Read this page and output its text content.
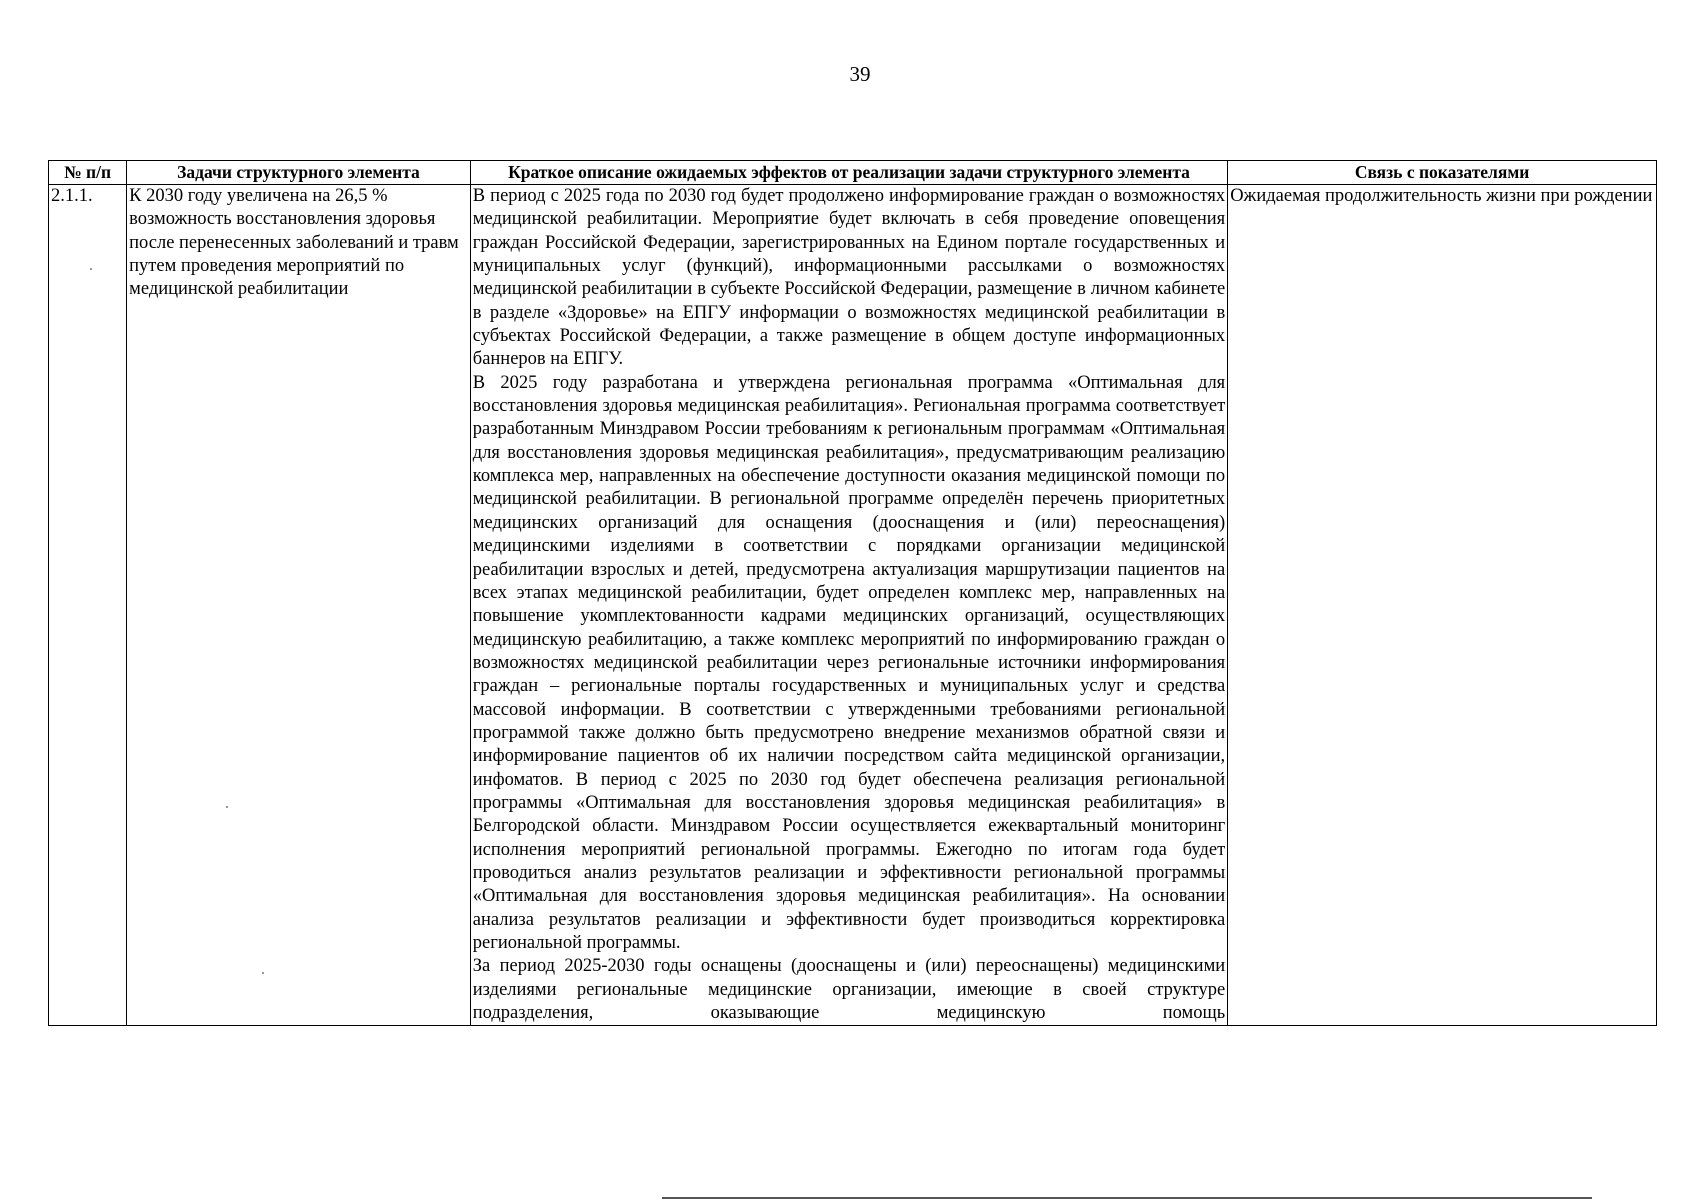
39
№ п/п	Задачи структурного элемента	Краткое описание ожидаемых эффектов от реализации задачи структурного элемента	Связь с показателями
2.1.1.	К 2030 году увеличена на 26,5 % возможность восстановления здоровья после перенесенных заболеваний и травм путем проведения мероприятий по медицинской реабилитации	В период с 2025 года по 2030 год будет продолжено информирование граждан о возможностях медицинской реабилитации. Мероприятие будет включать в себя проведение оповещения граждан Российской Федерации, зарегистрированных на Едином портале государственных и муниципальных услуг (функций), информационными рассылками о возможностях медицинской реабилитации в субъекте Российской Федерации, размещение в личном кабинете в разделе «Здоровье» на ЕПГУ информации о возможностях медицинской реабилитации в субъектах Российской Федерации, а также размещение в общем доступе информационных баннеров на ЕПГУ.

В 2025 году разработана и утверждена региональная программа «Оптимальная для восстановления здоровья медицинская реабилитация». Региональная программа соответствует разработанным Минздравом России требованиям к региональным программам «Оптимальная для восстановления здоровья медицинская реабилитация», предусматривающим реализацию комплекса мер, направленных на обеспечение доступности оказания медицинской помощи по медицинской реабилитации. В региональной программе определён перечень приоритетных медицинских организаций для оснащения (дооснащения и (или) переоснащения) медицинскими изделиями в соответствии с порядками организации медицинской реабилитации взрослых и детей, предусмотрена актуализация маршрутизации пациентов на всех этапах медицинской реабилитации, будет определен комплекс мер, направленных на повышение укомплектованности кадрами медицинских организаций, осуществляющих медицинскую реабилитацию, а также комплекс мероприятий по информированию граждан о возможностях медицинской реабилитации через региональные источники информирования граждан – региональные порталы государственных и муниципальных услуг и средства массовой информации. В соответствии с утвержденными требованиями региональной программой также должно быть предусмотрено внедрение механизмов обратной связи и информирование пациентов об их наличии посредством сайта медицинской организации, инфоматов. В период с 2025 по 2030 год будет обеспечена реализация региональной программы «Оптимальная для восстановления здоровья медицинская реабилитация» в Белгородской области. Минздравом России осуществляется ежеквартальный мониторинг исполнения мероприятий региональной программы. Ежегодно по итогам года будет проводиться анализ результатов реализации и эффективности региональной программы «Оптимальная для восстановления здоровья медицинская реабилитация». На основании анализа результатов реализации и эффективности будет производиться корректировка региональной программы.

За период 2025-2030 годы оснащены (дооснащены и (или) переоснащены) медицинскими изделиями региональные медицинские организации, имеющие в своей структуре подразделения, оказывающие медицинскую помощь	Ожидаемая продолжительность жизни при рождении
